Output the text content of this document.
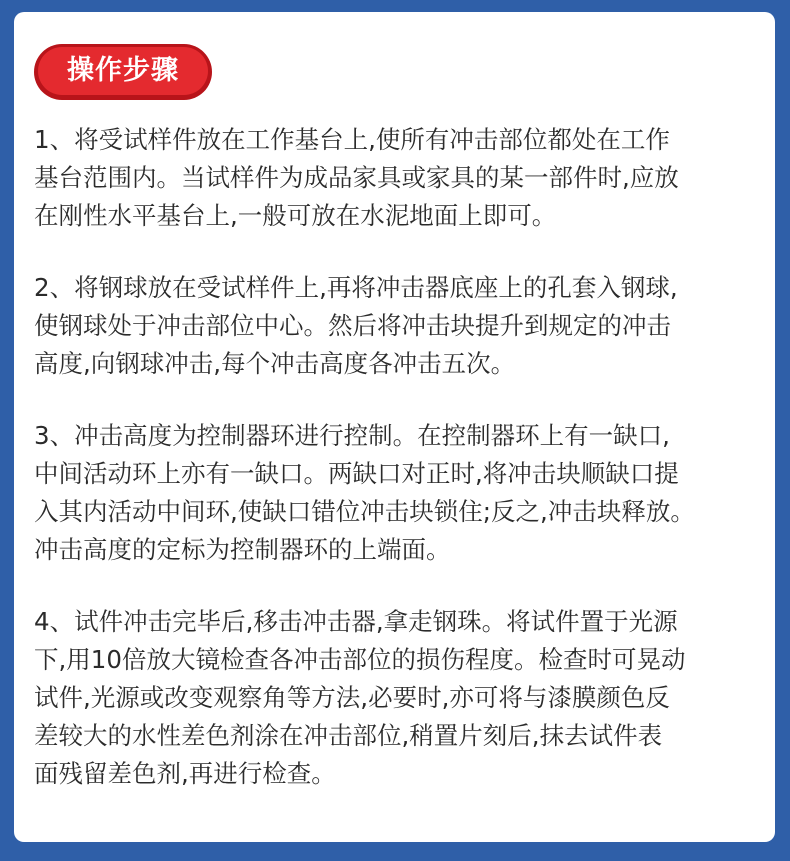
操作步骤

1、将受试样件放在工作基台上,使所有冲击部位都处在工作
基台范围内。当试样件为成品家具或家具的某一部件时,应放
在刚性水平基台上,一般可放在水泥地面上即可。

2、将钢球放在受试样件上,再将冲击器底座上的孔套入钢球,
使钢球处于冲击部位中心。然后将冲击块提升到规定的冲击
高度,向钢球冲击,每个冲击高度各冲击五次。

3、冲击高度为控制器环进行控制。在控制器环上有一缺口,
中间活动环上亦有一缺口。两缺口对正时,将冲击块顺缺口提
入其内活动中间环,使缺口错位冲击块锁住;反之,冲击块释放。
冲击高度的定标为控制器环的上端面。

4、试件冲击完毕后,移击冲击器,拿走钢珠。将试件置于光源
下,用10倍放大镜检查各冲击部位的损伤程度。检查时可晃动
试件,光源或改变观察角等方法,必要时,亦可将与漆膜颜色反
差较大的水性差色剂涂在冲击部位,稍置片刻后,抹去试件表
面残留差色剂,再进行检查。
